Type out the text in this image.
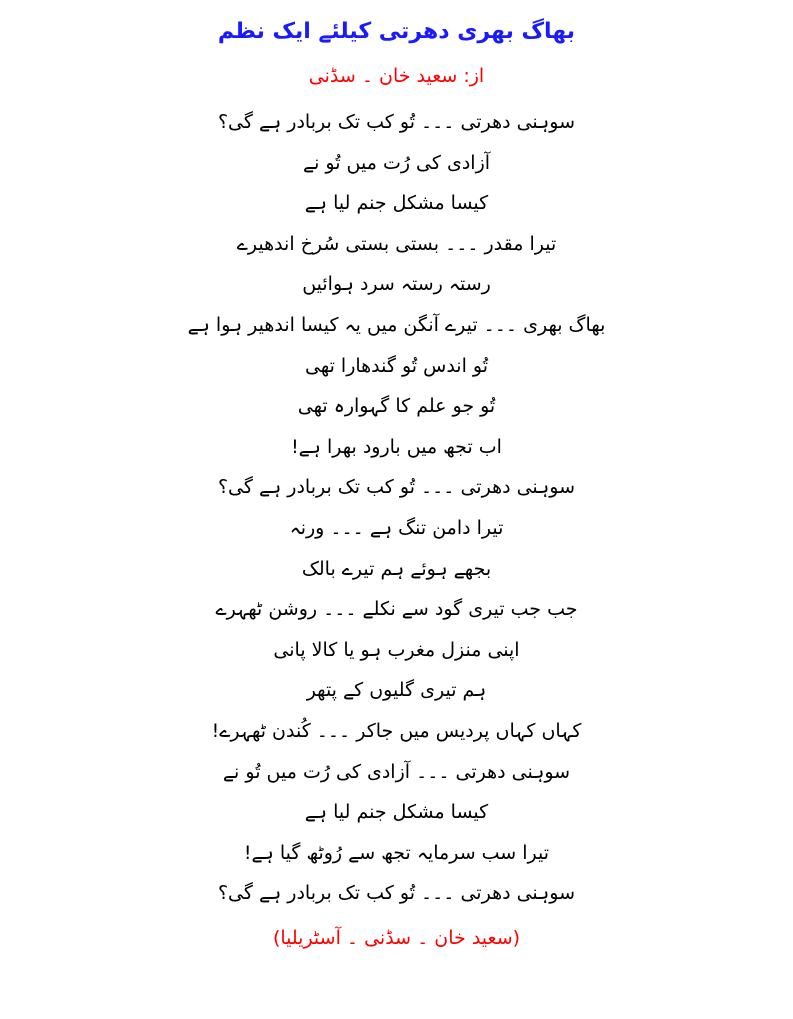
بھاگ بھری دھرتی کیلئے ایک نظم
از: سعید خان ۔ سڈنی
سوہنی دھرتی ۔۔۔ تُو کب تک بربادر ہے گی؟
آزادی کی رُت میں تُو نے
کیسا مشکل جنم لیا ہے
تیرا مقدر ۔۔۔ بستی بستی سُرخ اندھیرے
رستہ رستہ سرد ہوائیں
بھاگ بھری ۔۔۔ تیرے آنگن میں یہ کیسا اندھیر ہوا ہے
تُو اندس تُو گندھارا تھی
تُو جو علم کا گہوارہ تھی
اب تجھ میں بارود بھرا ہے!
سوہنی دھرتی ۔۔۔ تُو کب تک بربادر ہے گی؟
تیرا دامن تنگ ہے ۔۔۔ ورنہ
بجھے ہوئے ہم تیرے بالک
جب جب تیری گود سے نکلے ۔۔۔ روشن ٹھہرے
اپنی منزل مغرب ہو یا کالا پانی
ہم تیری گلیوں کے پتھر
کہاں کہاں پردیس میں جاکر ۔۔۔ کُندن ٹھہرے!
سوہنی دھرتی ۔۔۔ آزادی کی رُت میں تُو نے
کیسا مشکل جنم لیا ہے
تیرا سب سرمایہ تجھ سے رُوٹھ گیا ہے!
سوہنی دھرتی ۔۔۔ تُو کب تک بربادر ہے گی؟
(سعید خان ۔ سڈنی ۔ آسٹریلیا)
